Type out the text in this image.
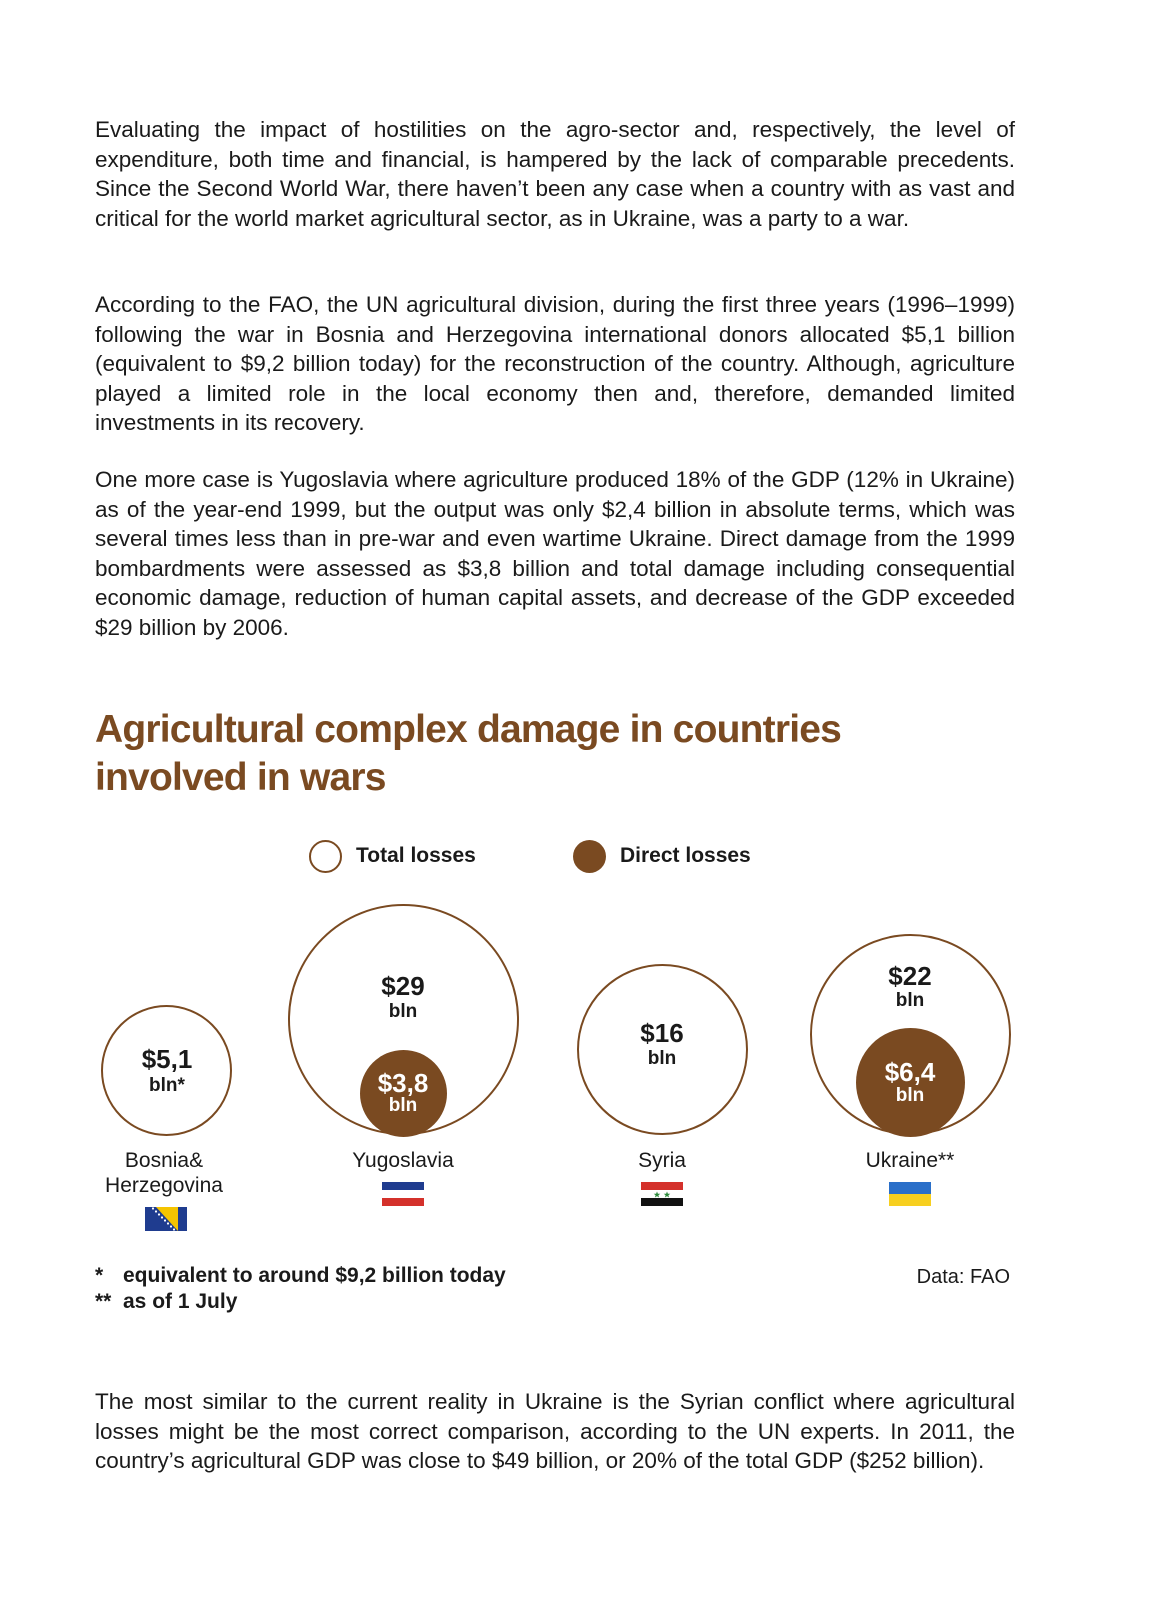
Evaluating the impact of hostilities on the agro-sector and, respectively, the level of expenditure, both time and financial, is hampered by the lack of comparable precedents. Since the Second World War, there haven’t been any case when a country with as vast and critical for the world market agricultural sector, as in Ukraine, was a party to a war.

According to the FAO, the UN agricultural division, during the first three years (1996–1999) following the war in Bosnia and Herzegovina international donors allocated $5,1 billion (equivalent to $9,2 billion today) for the reconstruction of the country. Although, agriculture played a limited role in the local economy then and, therefore, demanded limited investments in its recovery.

One more case is Yugoslavia where agriculture produced 18% of the GDP (12% in Ukraine) as of the year-end 1999, but the output was only $2,4 billion in absolute terms, which was several times less than in pre-war and even wartime Ukraine. Direct damage from the 1999 bombardments were assessed as $3,8 billion and total damage including consequential economic damage, reduction of human capital assets, and decrease of the GDP exceeded $29 billion by 2006.

Agricultural complex damage in countries
involved in wars
Total losses	Direct losses
$5,1
bln*
$29
bln
$3,8
bln
$16
bln
$22
bln
$6,4
bln
Bosnia&
Herzegovina
Yugoslavia	Syria	Ukraine**
* equivalent to around $9,2 billion today
** as of 1 July
Data: FAO

The most similar to the current reality in Ukraine is the Syrian conflict where agricultural losses might be the most correct comparison, according to the UN experts. In 2011, the country’s agricultural GDP was close to $49 billion, or 20% of the total GDP ($252 billion).
